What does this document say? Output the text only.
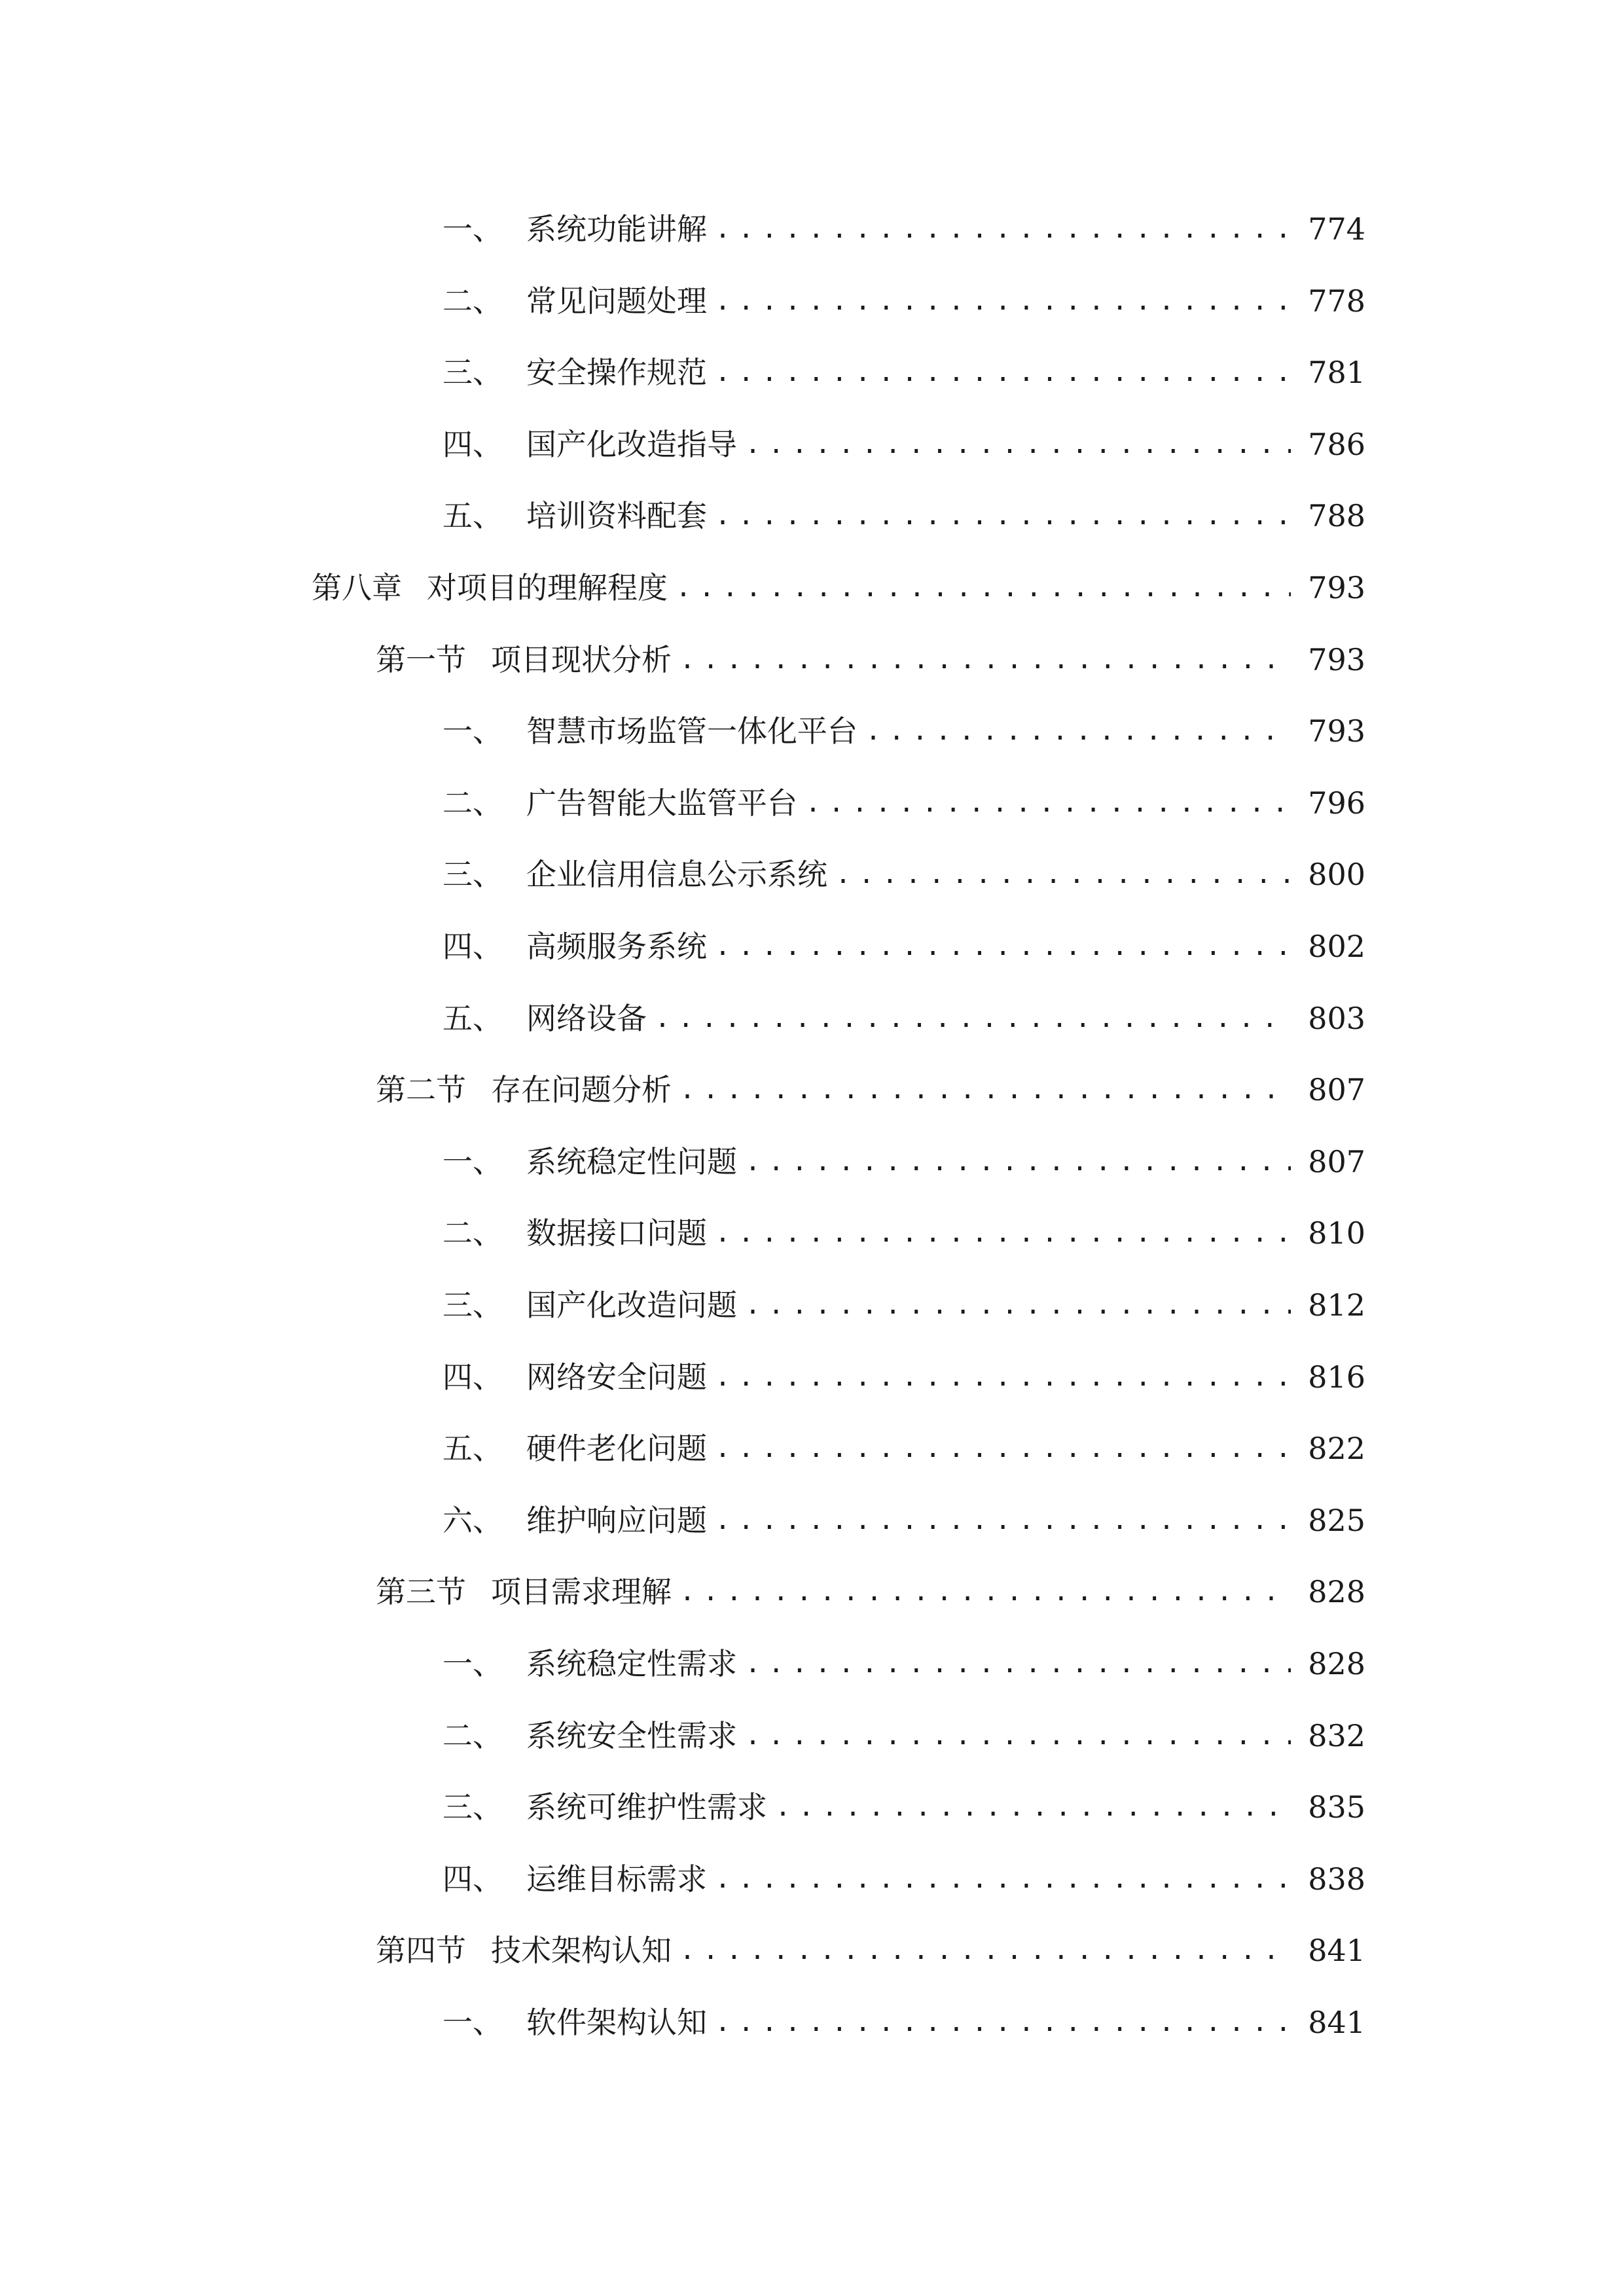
一、 系统功能讲解 .....	774
二、 常见问题处理 .....	778
三、 安全操作规范 .....	781
四、 国产化改造指导 .....	786
五、 培训资料配套 .....	788
第八章 对项目的理解程度 .....	793
第一节 项目现状分析 .....	793
一、 智慧市场监管一体化平台 .....	793
二、 广告智能大监管平台 .....	796
三、 企业信用信息公示系统 .....	800
四、 高频服务系统 .....	802
五、 网络设备 .....	803
第二节 存在问题分析 .....	807
一、 系统稳定性问题 .....	807
二、 数据接口问题 .....	810
三、 国产化改造问题 .....	812
四、 网络安全问题 .....	816
五、 硬件老化问题 .....	822
六、 维护响应问题 .....	825
第三节 项目需求理解 .....	828
一、 系统稳定性需求 .....	828
二、 系统安全性需求 .....	832
三、 系统可维护性需求 .....	835
四、 运维目标需求 .....	838
第四节 技术架构认知 .....	841
一、 软件架构认知 .....	841
